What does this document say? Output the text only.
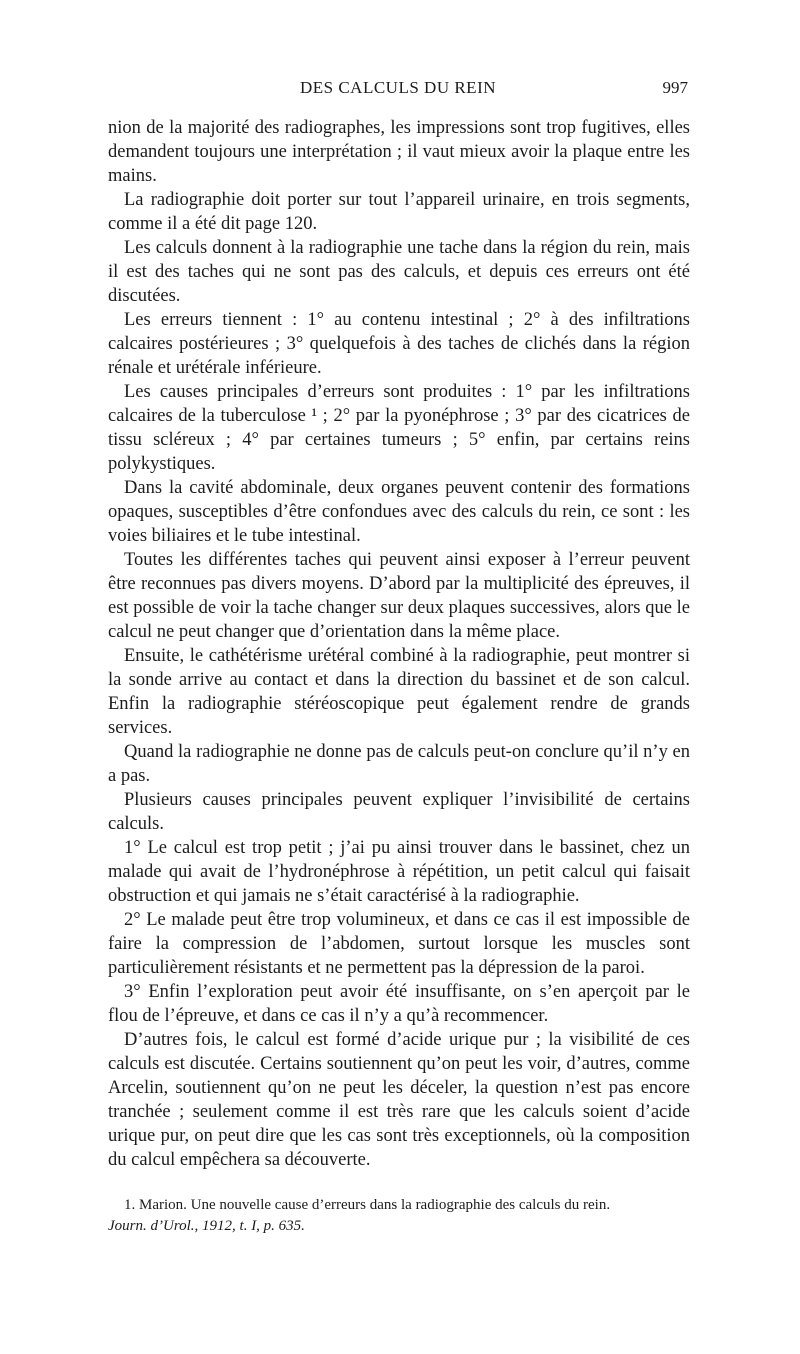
DES CALCULS DU REIN	997

nion de la majorité des radiographes, les impressions sont trop fugitives, elles demandent toujours une interprétation ; il vaut mieux avoir la plaque entre les mains.

La radiographie doit porter sur tout l’appareil urinaire, en trois segments, comme il a été dit page 120.

Les calculs donnent à la radiographie une tache dans la région du rein, mais il est des taches qui ne sont pas des calculs, et depuis ces erreurs ont été discutées.

Les erreurs tiennent : 1° au contenu intestinal ; 2° à des infiltrations calcaires postérieures ; 3° quelquefois à des taches de clichés dans la région rénale et urétérale inférieure.

Les causes principales d’erreurs sont produites : 1° par les infiltrations calcaires de la tuberculose ¹ ; 2° par la pyonéphrose ; 3° par des cicatrices de tissu scléreux ; 4° par certaines tumeurs ; 5° enfin, par certains reins polykystiques.

Dans la cavité abdominale, deux organes peuvent contenir des formations opaques, susceptibles d’être confondues avec des calculs du rein, ce sont : les voies biliaires et le tube intestinal.

Toutes les différentes taches qui peuvent ainsi exposer à l’erreur peuvent être reconnues pas divers moyens. D’abord par la multiplicité des épreuves, il est possible de voir la tache changer sur deux plaques successives, alors que le calcul ne peut changer que d’orientation dans la même place.

Ensuite, le cathétérisme urétéral combiné à la radiographie, peut montrer si la sonde arrive au contact et dans la direction du bassinet et de son calcul. Enfin la radiographie stéréoscopique peut également rendre de grands services.

Quand la radiographie ne donne pas de calculs peut-on conclure qu’il n’y en a pas.

Plusieurs causes principales peuvent expliquer l’invisibilité de certains calculs.

1° Le calcul est trop petit ; j’ai pu ainsi trouver dans le bassinet, chez un malade qui avait de l’hydronéphrose à répétition, un petit calcul qui faisait obstruction et qui jamais ne s’était caractérisé à la radiographie.

2° Le malade peut être trop volumineux, et dans ce cas il est impossible de faire la compression de l’abdomen, surtout lorsque les muscles sont particulièrement résistants et ne permettent pas la dépression de la paroi.

3° Enfin l’exploration peut avoir été insuffisante, on s’en aperçoit par le flou de l’épreuve, et dans ce cas il n’y a qu’à recommencer.

D’autres fois, le calcul est formé d’acide urique pur ; la visibilité de ces calculs est discutée. Certains soutiennent qu’on peut les voir, d’autres, comme Arcelin, soutiennent qu’on ne peut les déceler, la question n’est pas encore tranchée ; seulement comme il est très rare que les calculs soient d’acide urique pur, on peut dire que les cas sont très exceptionnels, où la composition du calcul empêchera sa découverte.

1. Marion. Une nouvelle cause d’erreurs dans la radiographie des calculs du rein.
Journ. d’Urol., 1912, t. I, p. 635.
